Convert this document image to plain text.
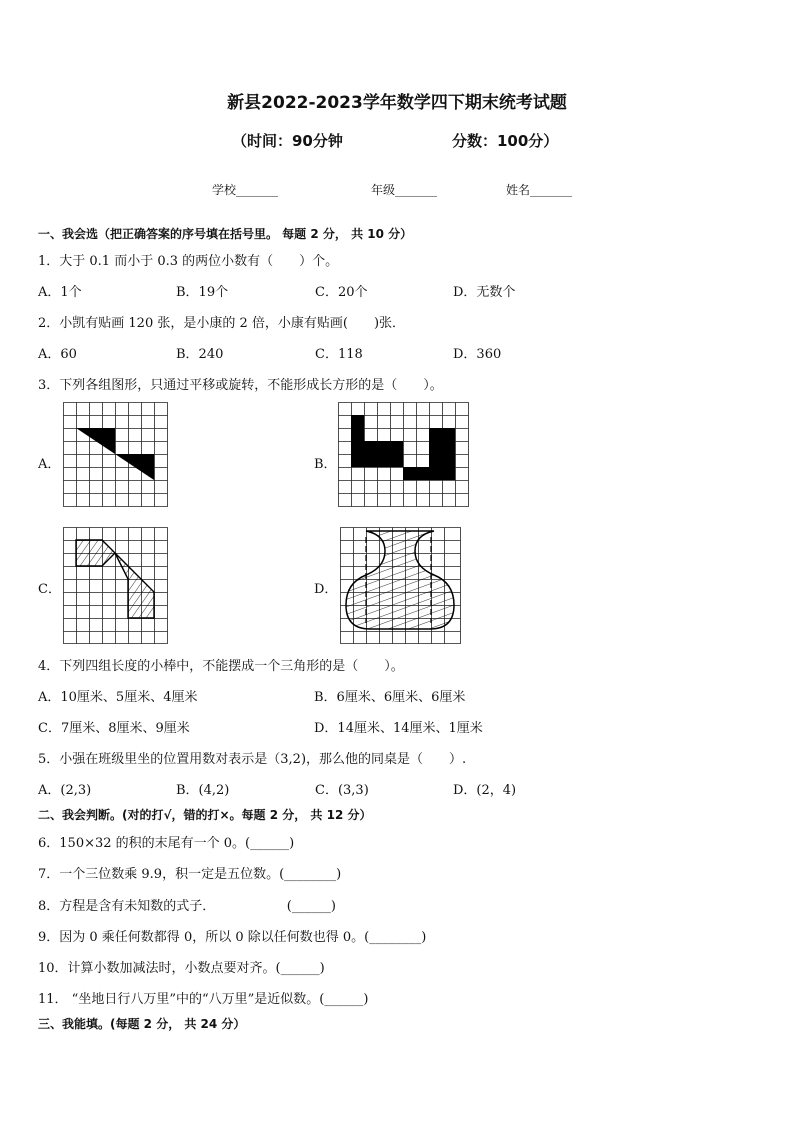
新县2022-2023学年数学四下期末统考试题
（时间：90分钟	分数：100分）
学校_______	年级_______	姓名_______
一、我会选（把正确答案的序号填在括号里。 每题 2 分， 共 10 分）
1．大于 0.1 而小于 0.3 的两位小数有（　　）个。
A．1个	B．19个	C．20个	D．无数个
2．小凯有贴画 120 张，是小康的 2 倍，小康有贴画(　　)张．
A．60	B．240	C．118	D．360
3．下列各组图形，只通过平移或旋转，不能形成长方形的是（　　）。
A．	B．
C．	D．
4．下列四组长度的小棒中，不能摆成一个三角形的是（　　）。
A．10厘米、5厘米、4厘米	B．6厘米、6厘米、6厘米
C．7厘米、8厘米、9厘米	D．14厘米、14厘米、1厘米
5．小强在班级里坐的位置用数对表示是（3,2)，那么他的同桌是（　　）.
A．(2,3)	B．(4,2)	C．(3,3)	D．(2，4)
二、我会判断。(对的打√，错的打×。每题 2 分， 共 12 分）
6．150×32 的积的末尾有一个 0。(______)
7．一个三位数乘 9.9，积一定是五位数。(________)
8．方程是含有未知数的式子．　　　　　　(______)
9．因为 0 乘任何数都得 0，所以 0 除以任何数也得 0。(________)
10．计算小数加减法时，小数点要对齐。(______)
11． “坐地日行八万里”中的“八万里”是近似数。(______)
三、我能填。(每题 2 分， 共 24 分）
